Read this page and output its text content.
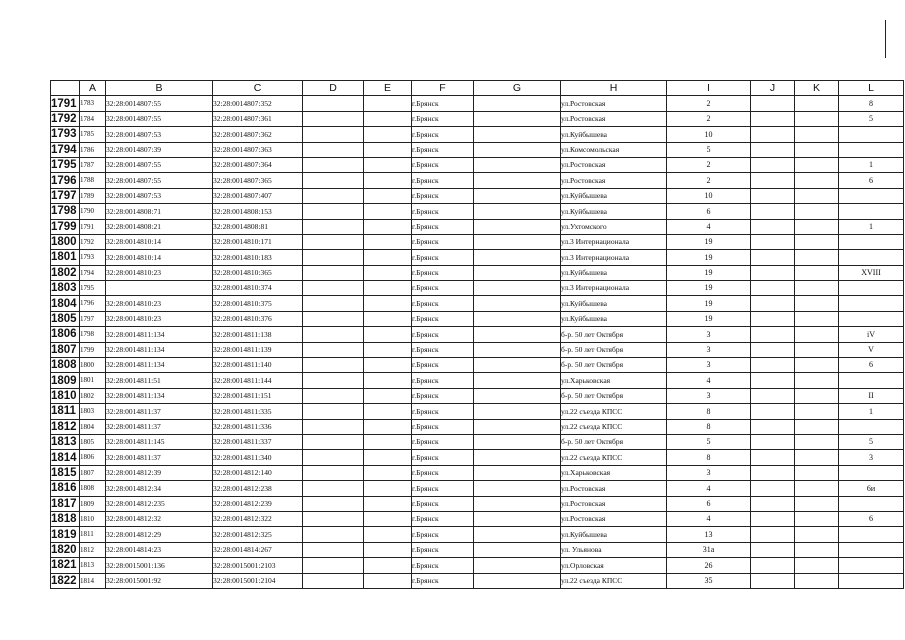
	A	B	C	D	E	F	G	H	I	J	K	L
1791	1783	32:28:0014807:55	32:28:0014807:352			г.Брянск		ул.Ростовская	2			8
1792	1784	32:28:0014807:55	32:28:0014807:361			г.Брянск		ул.Ростовская	2			5
1793	1785	32:28:0014807:53	32:28:0014807:362			г.Брянск		ул.Куйбышева	10			
1794	1786	32:28:0014807:39	32:28:0014807:363			г.Брянск		ул.Комсомольская	5			
1795	1787	32:28:0014807:55	32:28:0014807:364			г.Брянск		ул.Ростовская	2			1
1796	1788	32:28:0014807:55	32:28:0014807:365			г.Брянск		ул.Ростовская	2			6
1797	1789	32:28:0014807:53	32:28:0014807:407			г.Брянск		ул.Куйбышева	10			
1798	1790	32:28:0014808:71	32:28:0014808:153			г.Брянск		ул.Куйбышева	6			
1799	1791	32:28:0014808:21	32:28:0014808:81			г.Брянск		ул.Ухтомского	4			1
1800	1792	32:28:0014810:14	32:28:0014810:171			г.Брянск		ул.3 Интернационала	19			
1801	1793	32:28:0014810:14	32:28:0014810:183			г.Брянск		ул.3 Интернационала	19			
1802	1794	32:28:0014810:23	32:28:0014810:365			г.Брянск		ул.Куйбышева	19			XVIII
1803	1795		32:28:0014810:374			г.Брянск		ул.3 Интернационала	19			
1804	1796	32:28:0014810:23	32:28:0014810:375			г.Брянск		ул.Куйбышева	19			
1805	1797	32:28:0014810:23	32:28:0014810:376			г.Брянск		ул.Куйбышева	19			
1806	1798	32:28:0014811:134	32:28:0014811:138			г.Брянск		б-р. 50 лет Октября	3			iV
1807	1799	32:28:0014811:134	32:28:0014811:139			г.Брянск		б-р. 50 лет Октября	3			V
1808	1800	32:28:0014811:134	32:28:0014811:140			г.Брянск		б-р. 50 лет Октября	3			6
1809	1801	32:28:0014811:51	32:28:0014811:144			г.Брянск		ул.Харьковская	4			
1810	1802	32:28:0014811:134	32:28:0014811:151			г.Брянск		б-р. 50 лет Октября	3			II
1811	1803	32:28:0014811:37	32:28:0014811:335			г.Брянск		ул.22 съезда КПСС	8			1
1812	1804	32:28:0014811:37	32:28:0014811:336			г.Брянск		ул.22 съезда КПСС	8			
1813	1805	32:28:0014811:145	32:28:0014811:337			г.Брянск		б-р. 50 лет Октября	5			5
1814	1806	32:28:0014811:37	32:28:0014811:340			г.Брянск		ул.22 съезда КПСС	8			3
1815	1807	32:28:0014812:39	32:28:0014812:140			г.Брянск		ул.Харьковская	3			
1816	1808	32:28:0014812:34	32:28:0014812:238			г.Брянск		ул.Ростовская	4			6и
1817	1809	32:28:0014812:235	32:28:0014812:239			г.Брянск		ул.Ростовская	6			
1818	1810	32:28:0014812:32	32:28:0014812:322			г.Брянск		ул.Ростовская	4			6
1819	1811	32:28:0014812:29	32:28:0014812:325			г.Брянск		ул.Куйбышева	13			
1820	1812	32:28:0014814:23	32:28:0014814:267			г.Брянск		ул. Ульянова	31а			
1821	1813	32:28:0015001:136	32:28:0015001:2103			г.Брянск		ул.Орловская	26			
1822	1814	32:28:0015001:92	32:28:0015001:2104			г.Брянск		ул.22 съезда КПСС	35			
